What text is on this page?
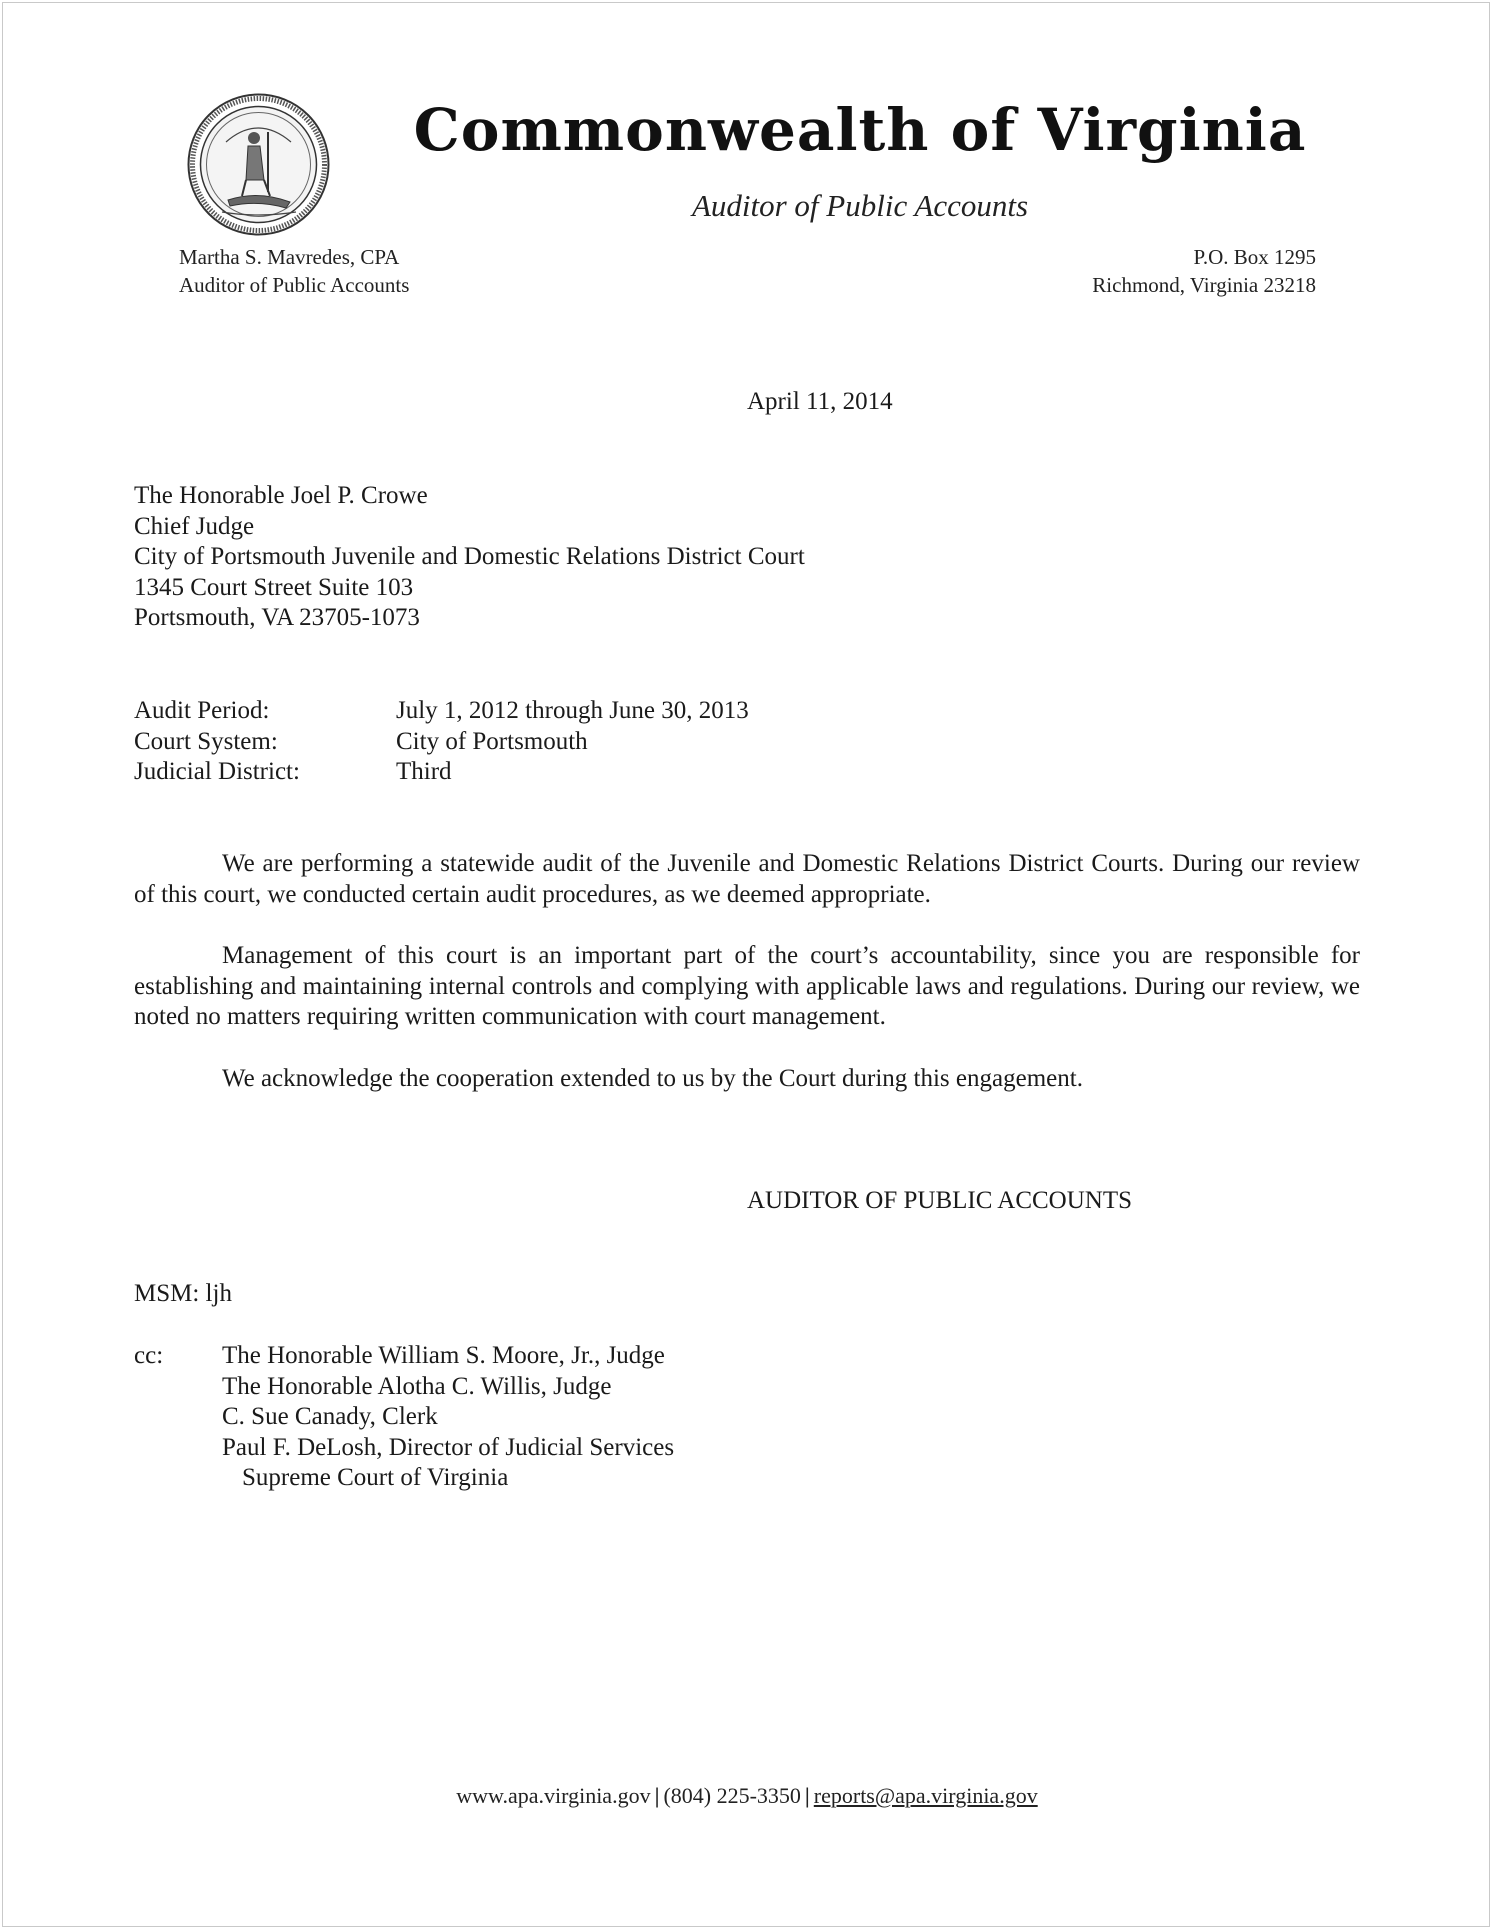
Commonwealth of Virginia
Auditor of Public Accounts
Martha S. Mavredes, CPA
Auditor of Public Accounts
P.O. Box 1295
Richmond, Virginia 23218
April 11, 2014
The Honorable Joel P. Crowe
Chief Judge
City of Portsmouth Juvenile and Domestic Relations District Court
1345 Court Street Suite 103
Portsmouth, VA 23705-1073
Audit Period:	July 1, 2012 through June 30, 2013
Court System:	City of Portsmouth
Judicial District:	Third

We are performing a statewide audit of the Juvenile and Domestic Relations District Courts. During our review of this court, we conducted certain audit procedures, as we deemed appropriate.

Management of this court is an important part of the court’s accountability, since you are responsible for establishing and maintaining internal controls and complying with applicable laws and regulations. During our review, we noted no matters requiring written communication with court management.

We acknowledge the cooperation extended to us by the Court during this engagement.

AUDITOR OF PUBLIC ACCOUNTS
MSM: ljh
cc:	The Honorable William S. Moore, Jr., Judge
The Honorable Alotha C. Willis, Judge
C. Sue Canady, Clerk
Paul F. DeLosh, Director of Judicial Services
Supreme Court of Virginia
www.apa.virginia.gov | (804) 225-3350 | reports@apa.virginia.gov
